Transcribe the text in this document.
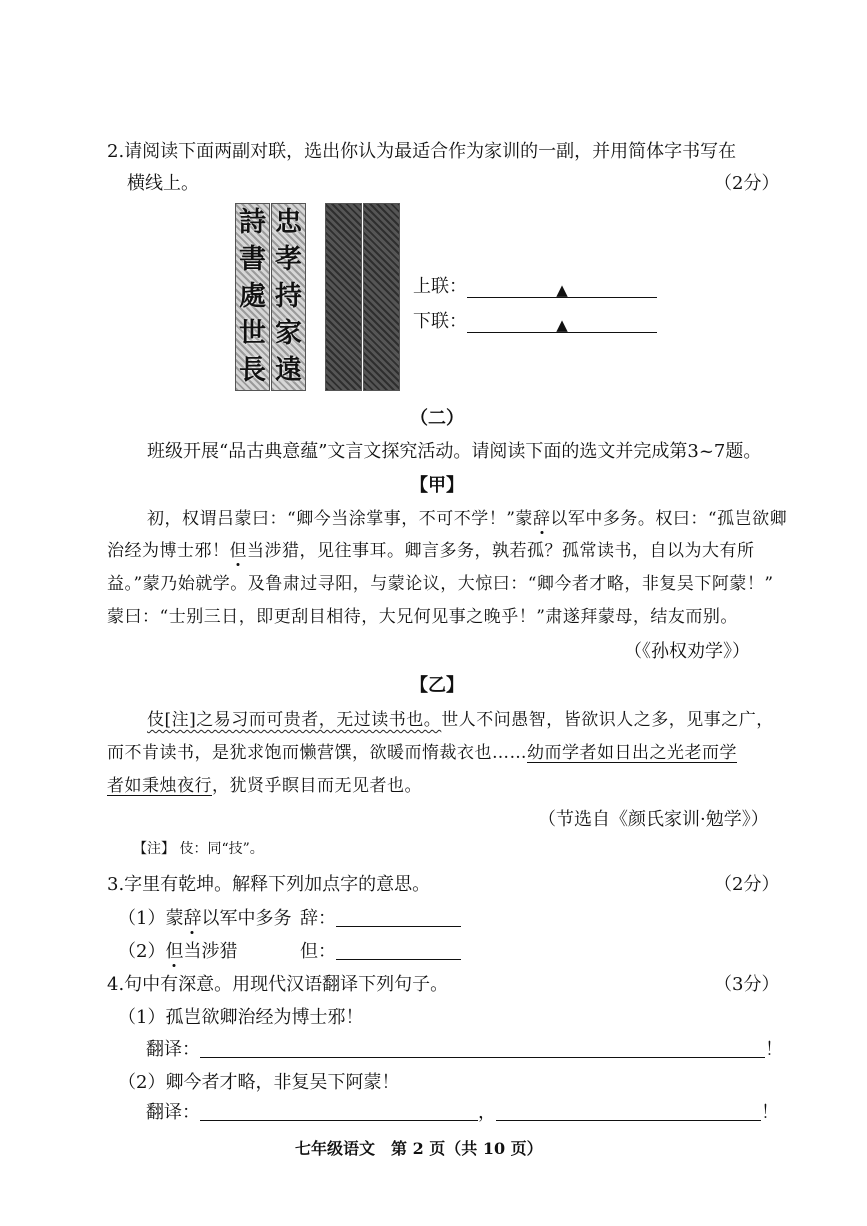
2.请阅读下面两副对联，选出你认为最适合作为家训的一副，并用简体字书写在
横线上。	（2分）
詩書處世長
忠孝持家遠
上联：	▲
下联：	▲
（二）
班级开展“品古典意蕴”文言文探究活动。请阅读下面的选文并完成第3~7题。
【甲】
初，权谓吕蒙曰：“卿今当涂掌事，不可不学！”蒙辞以军中多务。权曰：“孤岂欲卿
治经为博士邪！但当涉猎，见往事耳。卿言多务，孰若孤？孤常读书，自以为大有所
益。”蒙乃始就学。及鲁肃过寻阳，与蒙论议，大惊曰：“卿今者才略，非复吴下阿蒙！”
蒙曰：“士别三日，即更刮目相待，大兄何见事之晚乎！”肃遂拜蒙母，结友而别。
（《孙权劝学》）
【乙】
伎[注]之易习而可贵者，无过读书也。世人不问愚智，皆欲识人之多，见事之广，
而不肯读书，是犹求饱而懒营馔，欲暖而惰裁衣也……幼而学者如日出之光老而学
者如秉烛夜行，犹贤乎瞑目而无见者也。
（节选自《颜氏家训·勉学》）
【注】 伎：同“技”。
3.字里有乾坤。解释下列加点字的意思。	（2分）
（1）蒙辞以军中多务 辞：
（2）但当涉猎	但：
4.句中有深意。用现代汉语翻译下列句子。	（3分）
（1）孤岂欲卿治经为博士邪！
翻译：	！
（2）卿今者才略，非复吴下阿蒙！
翻译：	，	！
七年级语文　第 2 页（共 10 页）
